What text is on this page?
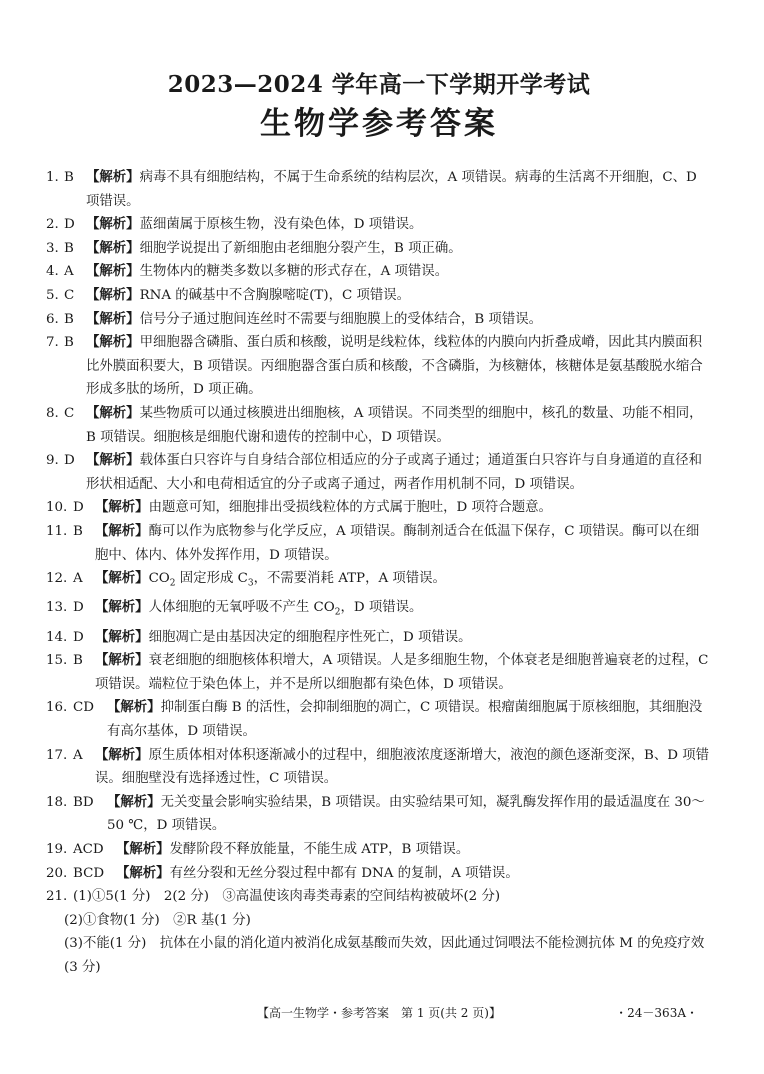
2023—2024 学年高一下学期开学考试
生物学参考答案
1. B 【解析】病毒不具有细胞结构，不属于生命系统的结构层次，A 项错误。病毒的生活离不开细胞，C、D 项错误。
2. D 【解析】蓝细菌属于原核生物，没有染色体，D 项错误。
3. B 【解析】细胞学说提出了新细胞由老细胞分裂产生，B 项正确。
4. A 【解析】生物体内的糖类多数以多糖的形式存在，A 项错误。
5. C 【解析】RNA 的碱基中不含胸腺嘧啶(T)，C 项错误。
6. B 【解析】信号分子通过胞间连丝时不需要与细胞膜上的受体结合，B 项错误。
7. B 【解析】甲细胞器含磷脂、蛋白质和核酸，说明是线粒体，线粒体的内膜向内折叠成嵴，因此其内膜面积比外膜面积要大，B 项错误。丙细胞器含蛋白质和核酸，不含磷脂，为核糖体，核糖体是氨基酸脱水缩合形成多肽的场所，D 项正确。
8. C 【解析】某些物质可以通过核膜进出细胞核，A 项错误。不同类型的细胞中，核孔的数量、功能不相同，B 项错误。细胞核是细胞代谢和遗传的控制中心，D 项错误。
9. D 【解析】载体蛋白只容许与自身结合部位相适应的分子或离子通过；通道蛋白只容许与自身通道的直径和形状相适配、大小和电荷相适宜的分子或离子通过，两者作用机制不同，D 项错误。
10. D 【解析】由题意可知，细胞排出受损线粒体的方式属于胞吐，D 项符合题意。
11. B 【解析】酶可以作为底物参与化学反应，A 项错误。酶制剂适合在低温下保存，C 项错误。酶可以在细胞中、体内、体外发挥作用，D 项错误。
12. A 【解析】$CO_2$ 固定形成 $C_3$，不需要消耗 ATP，A 项错误。
13. D 【解析】人体细胞的无氧呼吸不产生 $CO_2$，D 项错误。
14. D 【解析】细胞凋亡是由基因决定的细胞程序性死亡，D 项错误。
15. B 【解析】衰老细胞的细胞核体积增大，A 项错误。人是多细胞生物，个体衰老是细胞普遍衰老的过程，C 项错误。端粒位于染色体上，并不是所以细胞都有染色体，D 项错误。
16. CD 【解析】抑制蛋白酶 B 的活性，会抑制细胞的凋亡，C 项错误。根瘤菌细胞属于原核细胞，其细胞没有高尔基体，D 项错误。
17. A 【解析】原生质体相对体积逐渐减小的过程中，细胞液浓度逐渐增大，液泡的颜色逐渐变深，B、D 项错误。细胞壁没有选择透过性，C 项错误。
18. BD	【解析】无关变量会影响实验结果，B 项错误。由实验结果可知，凝乳酶发挥作用的最适温度在 30～50 ℃，D 项错误。
19. ACD 【解析】发酵阶段不释放能量，不能生成 ATP，B 项错误。
20. BCD 【解析】有丝分裂和无丝分裂过程中都有 DNA 的复制，A 项错误。
21. (1)①5(1 分)　2(2 分)　③高温使该肉毒类毒素的空间结构被破坏(2 分)
(2)①食物(1 分)　②R 基(1 分)
(3)不能(1 分)　抗体在小鼠的消化道内被消化成氨基酸而失效，因此通过饲喂法不能检测抗体 M 的免疫疗效(3 分)
【高一生物学・参考答案　第 1 页(共 2 页)】	・24－363A・
